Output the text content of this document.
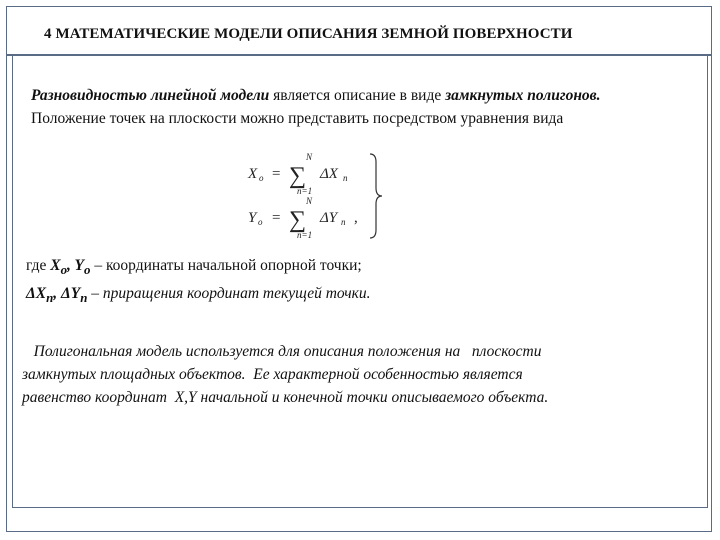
4 МАТЕМАТИЧЕСКИЕ МОДЕЛИ ОПИСАНИЯ ЗЕМНОЙ ПОВЕРХНОСТИ
Разновидностью линейной модели является описание в виде замкнутых полигонов.
Положение точек на плоскости можно представить посредством уравнения вида
X o =
N
∑
n=1
ΔX n
Y o =
N
∑
n=1
ΔY n ,
где $X_o$, $Y_o$ – координаты начальной опорной точки;
$\Delta X_n$, $\Delta Y_n$ – приращения координат текущей точки.
Полигональная модель используется для описания положения на   плоскости
замкнутых площадных объектов.  Ее характерной особенностью является
равенство координат  X,Y начальной и конечной точки описываемого объекта.
